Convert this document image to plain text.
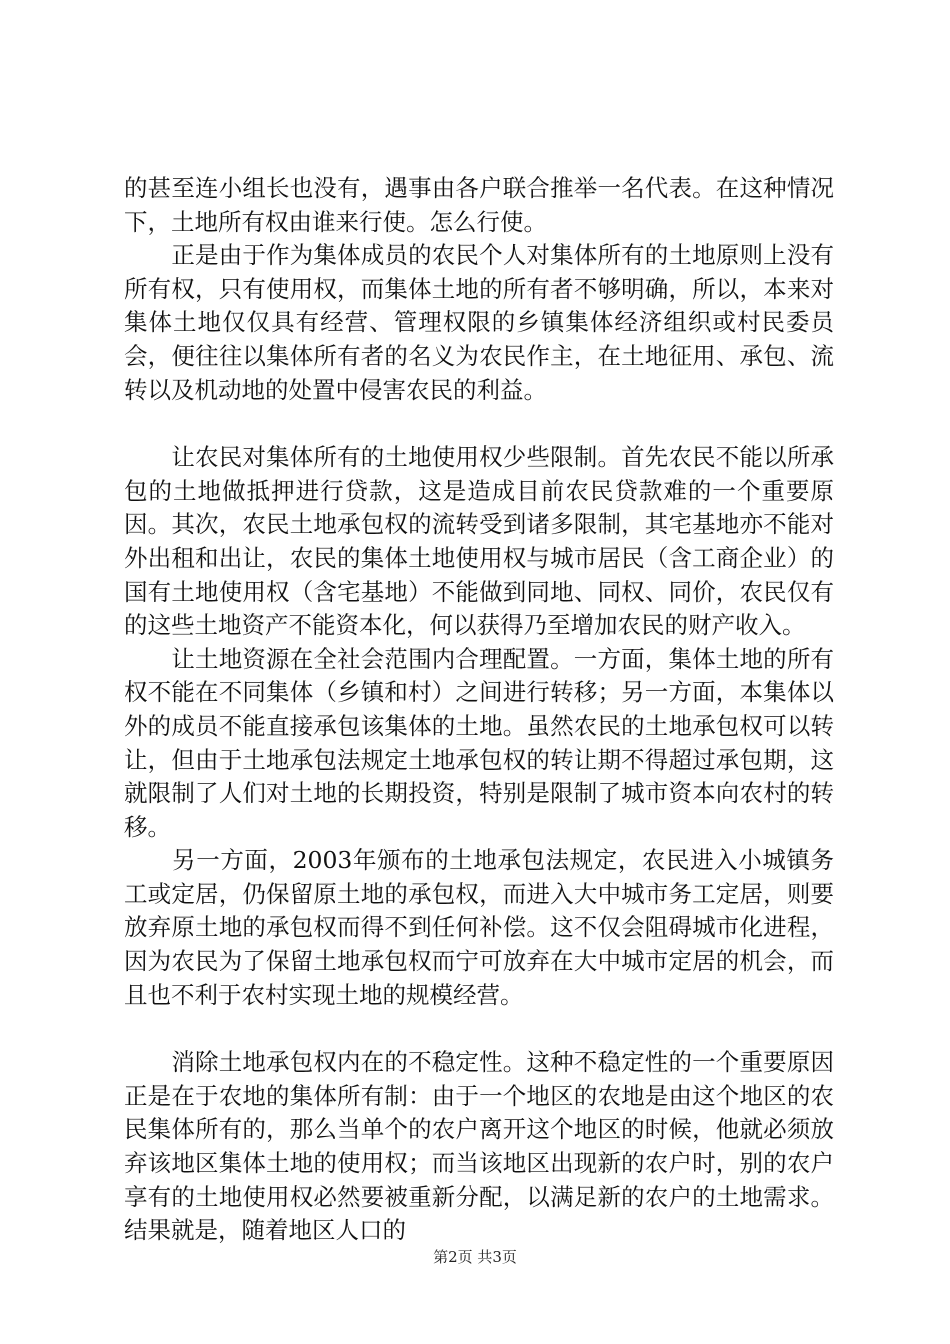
的甚至连小组长也没有，遇事由各户联合推举一名代表。在这种情况下，土地所有权由谁来行使。怎么行使。

　　正是由于作为集体成员的农民个人对集体所有的土地原则上没有所有权，只有使用权，而集体土地的所有者不够明确，所以，本来对集体土地仅仅具有经营、管理权限的乡镇集体经济组织或村民委员会，便往往以集体所有者的名义为农民作主，在土地征用、承包、流转以及机动地的处置中侵害农民的利益。

　　让农民对集体所有的土地使用权少些限制。首先农民不能以所承包的土地做抵押进行贷款，这是造成目前农民贷款难的一个重要原因。其次，农民土地承包权的流转受到诸多限制，其宅基地亦不能对外出租和出让，农民的集体土地使用权与城市居民（含工商企业）的国有土地使用权（含宅基地）不能做到同地、同权、同价，农民仅有的这些土地资产不能资本化，何以获得乃至增加农民的财产收入。

　　让土地资源在全社会范围内合理配置。一方面，集体土地的所有权不能在不同集体（乡镇和村）之间进行转移；另一方面，本集体以外的成员不能直接承包该集体的土地。虽然农民的土地承包权可以转让，但由于土地承包法规定土地承包权的转让期不得超过承包期，这就限制了人们对土地的长期投资，特别是限制了城市资本向农村的转移。

　　另一方面，2003年颁布的土地承包法规定，农民进入小城镇务工或定居，仍保留原土地的承包权，而进入大中城市务工定居，则要放弃原土地的承包权而得不到任何补偿。这不仅会阻碍城市化进程，因为农民为了保留土地承包权而宁可放弃在大中城市定居的机会，而且也不利于农村实现土地的规模经营。

　　消除土地承包权内在的不稳定性。这种不稳定性的一个重要原因正是在于农地的集体所有制：由于一个地区的农地是由这个地区的农民集体所有的，那么当单个的农户离开这个地区的时候，他就必须放弃该地区集体土地的使用权；而当该地区出现新的农户时，别的农户享有的土地使用权必然要被重新分配，以满足新的农户的土地需求。结果就是，随着地区人口的

第2页 共3页
